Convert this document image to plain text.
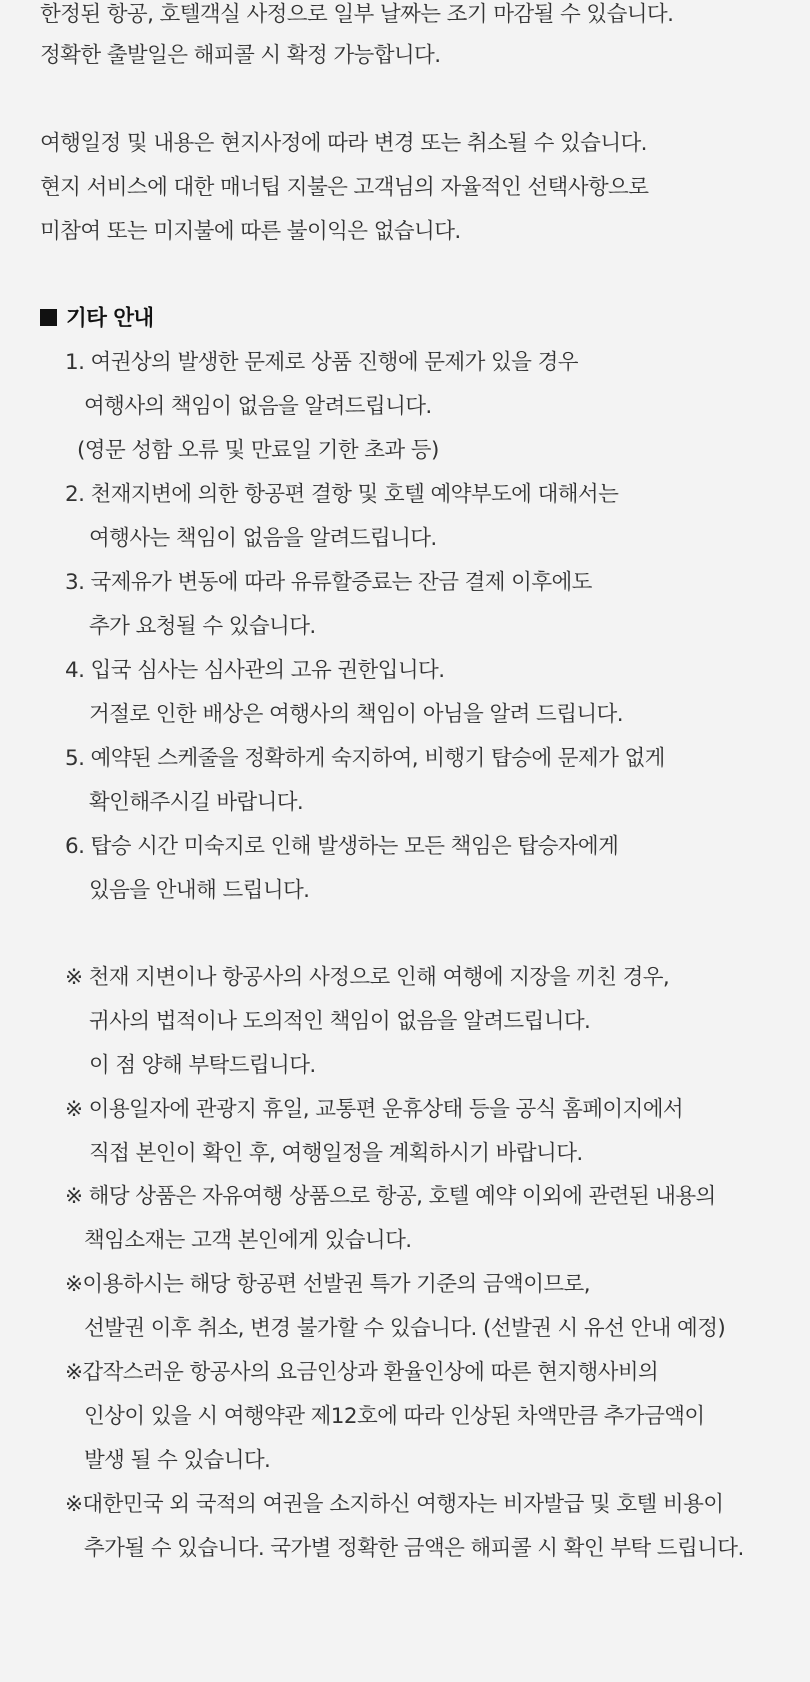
한정된 항공, 호텔객실 사정으로 일부 날짜는 조기 마감될 수 있습니다.
정확한 출발일은 해피콜 시 확정 가능합니다.
여행일정 및 내용은 현지사정에 따라 변경 또는 취소될 수 있습니다.
현지 서비스에 대한 매너팁 지불은 고객님의 자율적인 선택사항으로
미참여 또는 미지불에 따른 불이익은 없습니다.
기타 안내
1. 여권상의 발생한 문제로 상품 진행에 문제가 있을 경우
여행사의 책임이 없음을 알려드립니다.
(영문 성함 오류 및 만료일 기한 초과 등)
2. 천재지변에 의한 항공편 결항 및 호텔 예약부도에 대해서는
여행사는 책임이 없음을 알려드립니다.
3. 국제유가 변동에 따라 유류할증료는 잔금 결제 이후에도
추가 요청될 수 있습니다.
4. 입국 심사는 심사관의 고유 권한입니다.
거절로 인한 배상은 여행사의 책임이 아님을 알려 드립니다.
5. 예약된 스케줄을 정확하게 숙지하여, 비행기 탑승에 문제가 없게
확인해주시길 바랍니다.
6. 탑승 시간 미숙지로 인해 발생하는 모든 책임은 탑승자에게
있음을 안내해 드립니다.
※ 천재 지변이나 항공사의 사정으로 인해 여행에 지장을 끼친 경우,
귀사의 법적이나 도의적인 책임이 없음을 알려드립니다.
이 점 양해 부탁드립니다.
※ 이용일자에 관광지 휴일, 교통편 운휴상태 등을 공식 홈페이지에서
직접 본인이 확인 후, 여행일정을 계획하시기 바랍니다.
※ 해당 상품은 자유여행 상품으로 항공, 호텔 예약 이외에 관련된 내용의
책임소재는 고객 본인에게 있습니다.
※이용하시는 해당 항공편 선발권 특가 기준의 금액이므로,
선발권 이후 취소, 변경 불가할 수 있습니다. (선발권 시 유선 안내 예정)
※갑작스러운 항공사의 요금인상과 환율인상에 따른 현지행사비의
인상이 있을 시 여행약관 제12호에 따라 인상된 차액만큼 추가금액이
발생 될 수 있습니다.
※대한민국 외 국적의 여권을 소지하신 여행자는 비자발급 및 호텔 비용이
추가될 수 있습니다. 국가별 정확한 금액은 해피콜 시 확인 부탁 드립니다.
